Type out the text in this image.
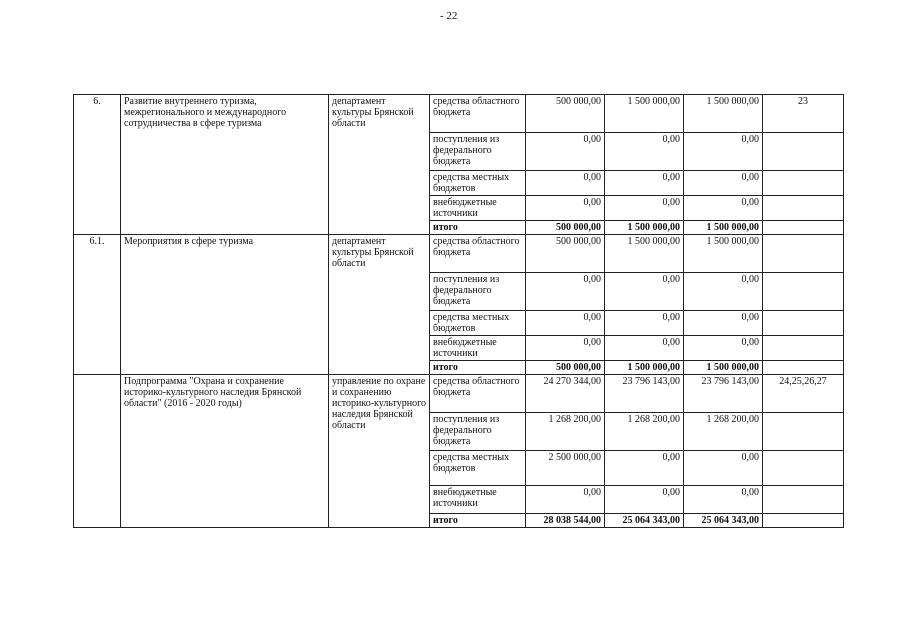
- 22
6.	Развитие внутреннего туризма, межрегионального и международного сотрудничества в сфере туризма	департамент культуры Брянской области	средства областного бюджета	500 000,00	1 500 000,00	1 500 000,00	23
			поступления из федерального бюджета	0,00	0,00	0,00	
			средства местных бюджетов	0,00	0,00	0,00	
			внебюджетные источники	0,00	0,00	0,00	
			итого	500 000,00	1 500 000,00	1 500 000,00	
6.1.	Мероприятия в сфере туризма	департамент культуры Брянской области	средства областного бюджета	500 000,00	1 500 000,00	1 500 000,00	
			поступления из федерального бюджета	0,00	0,00	0,00	
			средства местных бюджетов	0,00	0,00	0,00	
			внебюджетные источники	0,00	0,00	0,00	
			итого	500 000,00	1 500 000,00	1 500 000,00	
	Подпрограмма "Охрана и сохранение историко-культурного наследия Брянской области" (2016 - 2020 годы)	управление по охране и сохранению историко-культурного наследия Брянской области	средства областного бюджета	24 270 344,00	23 796 143,00	23 796 143,00	24,25,26,27
			поступления из федерального бюджета	1 268 200,00	1 268 200,00	1 268 200,00	
			средства местных бюджетов	2 500 000,00	0,00	0,00	
			внебюджетные источники	0,00	0,00	0,00	
			итого	28 038 544,00	25 064 343,00	25 064 343,00	
